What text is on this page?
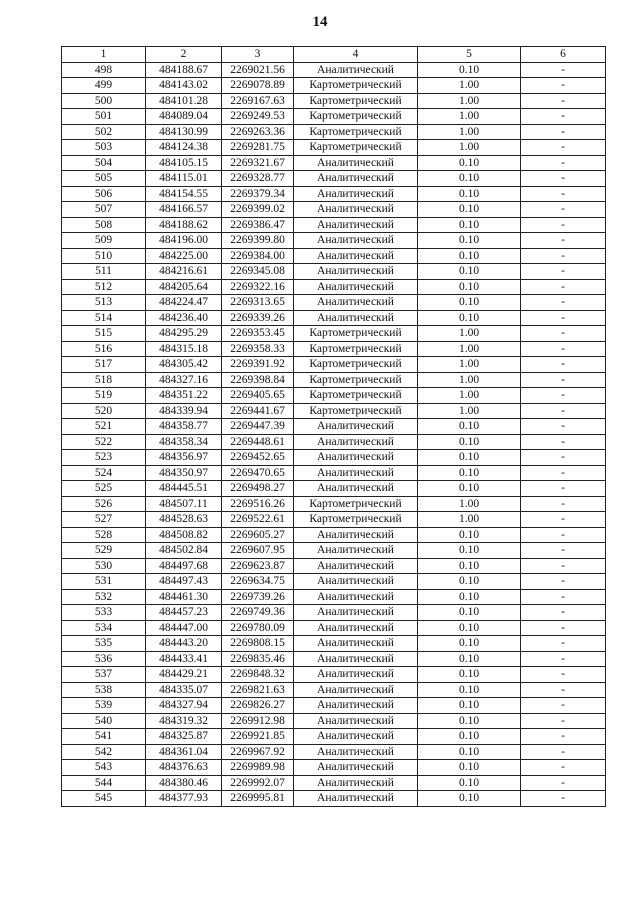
14
1	2	3	4	5	6
498	484188.67	2269021.56	Аналитический	0.10	-
499	484143.02	2269078.89	Картометрический	1.00	-
500	484101.28	2269167.63	Картометрический	1.00	-
501	484089.04	2269249.53	Картометрический	1.00	-
502	484130.99	2269263.36	Картометрический	1.00	-
503	484124.38	2269281.75	Картометрический	1.00	-
504	484105.15	2269321.67	Аналитический	0.10	-
505	484115.01	2269328.77	Аналитический	0.10	-
506	484154.55	2269379.34	Аналитический	0.10	-
507	484166.57	2269399.02	Аналитический	0.10	-
508	484188.62	2269386.47	Аналитический	0.10	-
509	484196.00	2269399.80	Аналитический	0.10	-
510	484225.00	2269384.00	Аналитический	0.10	-
511	484216.61	2269345.08	Аналитический	0.10	-
512	484205.64	2269322.16	Аналитический	0.10	-
513	484224.47	2269313.65	Аналитический	0.10	-
514	484236.40	2269339.26	Аналитический	0.10	-
515	484295.29	2269353.45	Картометрический	1.00	-
516	484315.18	2269358.33	Картометрический	1.00	-
517	484305.42	2269391.92	Картометрический	1.00	-
518	484327.16	2269398.84	Картометрический	1.00	-
519	484351.22	2269405.65	Картометрический	1.00	-
520	484339.94	2269441.67	Картометрический	1.00	-
521	484358.77	2269447.39	Аналитический	0.10	-
522	484358.34	2269448.61	Аналитический	0.10	-
523	484356.97	2269452.65	Аналитический	0.10	-
524	484350.97	2269470.65	Аналитический	0.10	-
525	484445.51	2269498.27	Аналитический	0.10	-
526	484507.11	2269516.26	Картометрический	1.00	-
527	484528.63	2269522.61	Картометрический	1.00	-
528	484508.82	2269605.27	Аналитический	0.10	-
529	484502.84	2269607.95	Аналитический	0.10	-
530	484497.68	2269623.87	Аналитический	0.10	-
531	484497.43	2269634.75	Аналитический	0.10	-
532	484461.30	2269739.26	Аналитический	0.10	-
533	484457.23	2269749.36	Аналитический	0.10	-
534	484447.00	2269780.09	Аналитический	0.10	-
535	484443.20	2269808.15	Аналитический	0.10	-
536	484433.41	2269835.46	Аналитический	0.10	-
537	484429.21	2269848.32	Аналитический	0.10	-
538	484335.07	2269821.63	Аналитический	0.10	-
539	484327.94	2269826.27	Аналитический	0.10	-
540	484319.32	2269912.98	Аналитический	0.10	-
541	484325.87	2269921.85	Аналитический	0.10	-
542	484361.04	2269967.92	Аналитический	0.10	-
543	484376.63	2269989.98	Аналитический	0.10	-
544	484380.46	2269992.07	Аналитический	0.10	-
545	484377.93	2269995.81	Аналитический	0.10	-
